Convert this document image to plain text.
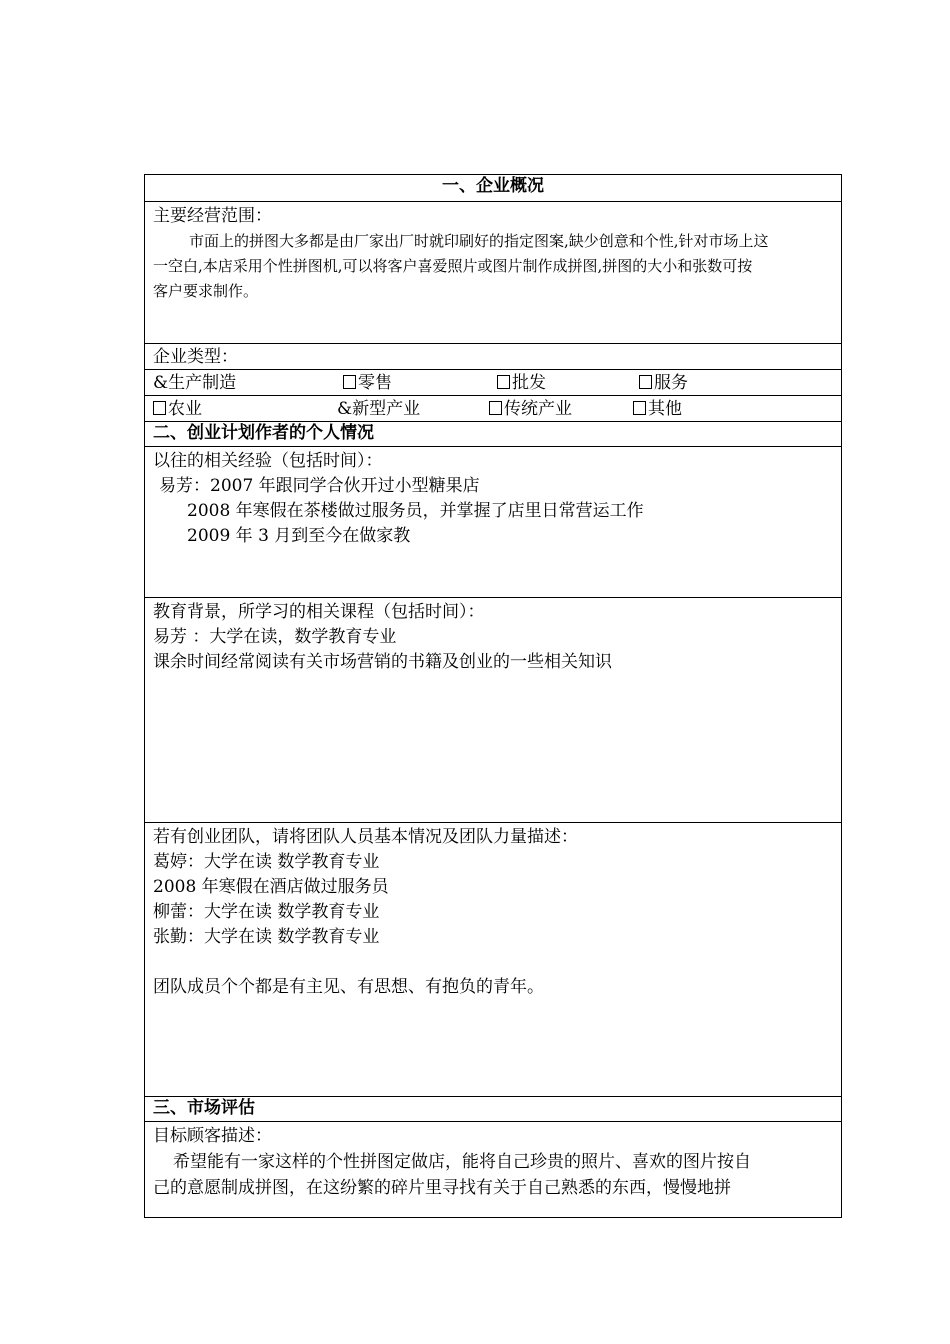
一、企业概况
主要经营范围：
市面上的拼图大多都是由厂家出厂时就印刷好的指定图案,缺少创意和个性,针对市场上这
一空白,本店采用个性拼图机,可以将客户喜爱照片或图片制作成拼图,拼图的大小和张数可按
客户要求制作。
企业类型：
&生产制造	零售	批发	服务
农业	&新型产业	传统产业	其他
二、创业计划作者的个人情况
以往的相关经验（包括时间）：
易芳：2007 年跟同学合伙开过小型糖果店
2008 年寒假在茶楼做过服务员，并掌握了店里日常营运工作
2009 年 3 月到至今在做家教
教育背景，所学习的相关课程（包括时间）：
易芳 ：大学在读，数学教育专业
课余时间经常阅读有关市场营销的书籍及创业的一些相关知识
若有创业团队，请将团队人员基本情况及团队力量描述：
葛婷：大学在读 数学教育专业
2008 年寒假在酒店做过服务员
柳蕾：大学在读 数学教育专业
张勤：大学在读 数学教育专业
团队成员个个都是有主见、有思想、有抱负的青年。
三、市场评估
目标顾客描述：
希望能有一家这样的个性拼图定做店，能将自己珍贵的照片、喜欢的图片按自
己的意愿制成拼图，在这纷繁的碎片里寻找有关于自己熟悉的东西，慢慢地拼
